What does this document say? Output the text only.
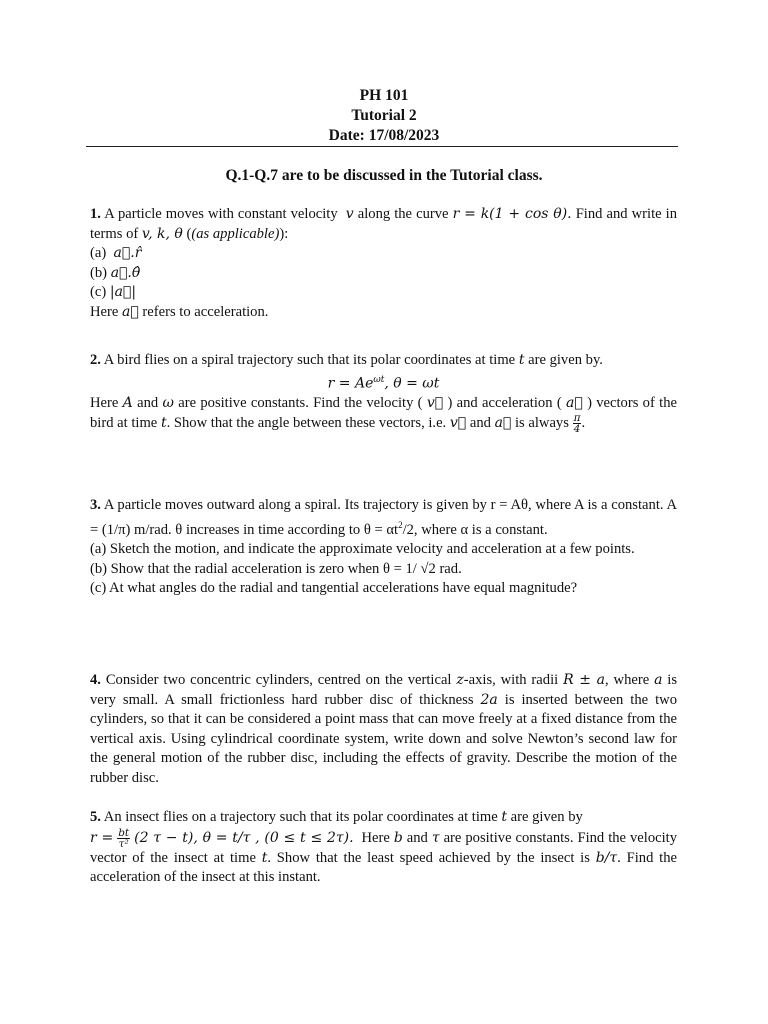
PH 101
Tutorial 2
Date: 17/08/2023
Q.1-Q.7 are to be discussed in the Tutorial class.

1. A particle moves with constant velocity v along the curve r = k(1 + cos θ). Find and write in terms of v, k, θ ((as applicable)):

(a) a⃗.r̂

(b) a⃗.θ̂

(c) |a⃗|

Here a⃗ refers to acceleration.

2. A bird flies on a spiral trajectory such that its polar coordinates at time t are given by.

$r = Ae^{\omega t}$, θ = ωt

Here A and ω are positive constants. Find the velocity ( v⃗ ) and acceleration ( a⃗ ) vectors of the bird at time t. Show that the angle between these vectors, i.e. v⃗ and a⃗ is always $\frac{\pi}{4}$ .

3. A particle moves outward along a spiral. Its trajectory is given by r = Aθ, where A is a constant. A = (1/π) m/rad. θ increases in time according to $\theta = \alpha t^2/2$, where α is a constant.

(a) Sketch the motion, and indicate the approximate velocity and acceleration at a few points.

(b) Show that the radial acceleration is zero when θ = 1/ √2 rad.

(c) At what angles do the radial and tangential accelerations have equal magnitude?

4. Consider two concentric cylinders, centred on the vertical z-axis, with radii R ± a, where a is very small. A small frictionless hard rubber disc of thickness 2a is inserted between the two cylinders, so that it can be considered a point mass that can move freely at a fixed distance from the vertical axis. Using cylindrical coordinate system, write down and solve Newton’s second law for the general motion of the rubber disc, including the effects of gravity. Describe the motion of the rubber disc.

5. An insect flies on a trajectory such that its polar coordinates at time t are given by

$r = \frac{bt}{\text{τ²}} (2$ τ − t), θ = t/τ , (0 ≤ t ≤ 2τ). Here b and τ are positive constants. Find the velocity vector of the insect at time t. Show that the least speed achieved by the insect is b/τ. Find the acceleration of the insect at this instant.
